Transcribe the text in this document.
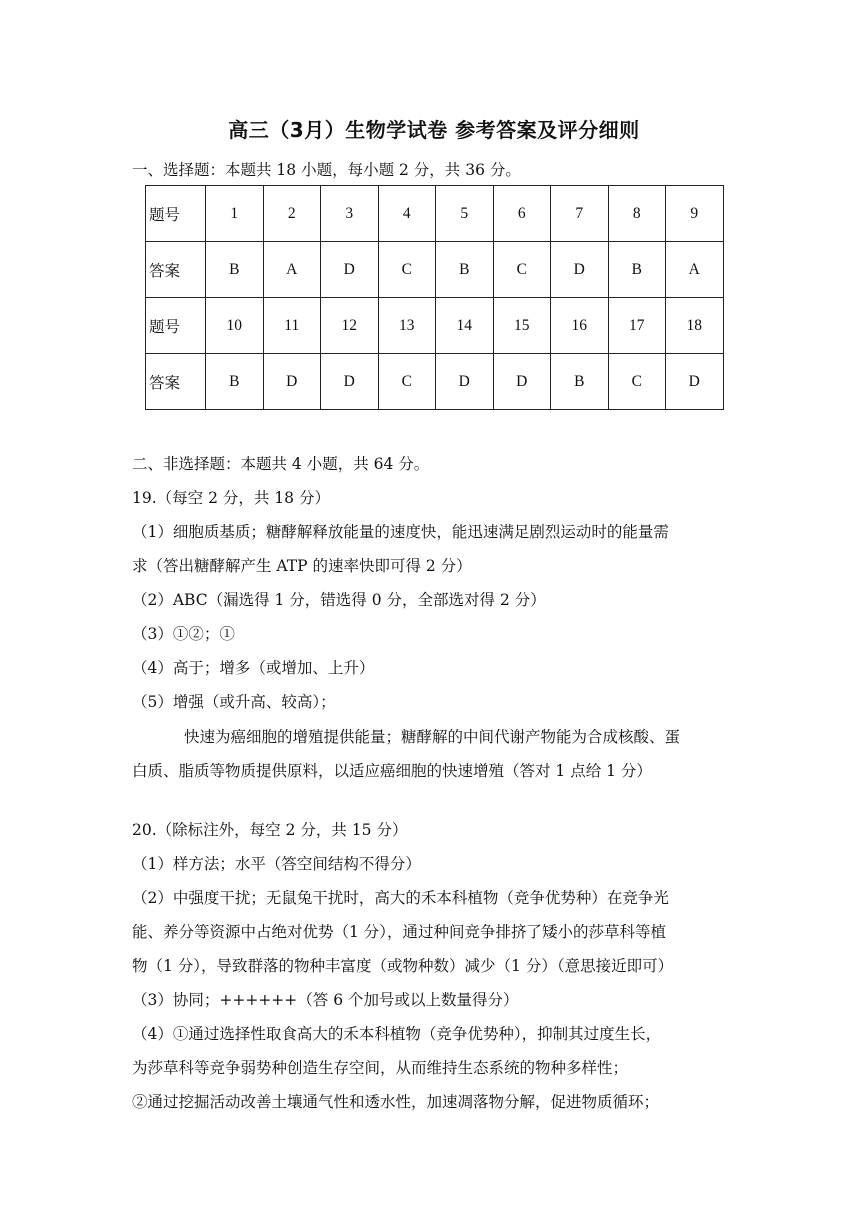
高三（3月）生物学试卷 参考答案及评分细则
一、选择题：本题共 18 小题，每小题 2 分，共 36 分。
题号	1	2	3	4	5	6	7	8	9
答案	B	A	D	C	B	C	D	B	A
题号	10	11	12	13	14	15	16	17	18
答案	B	D	D	C	D	D	B	C	D
二、非选择题：本题共 4 小题，共 64 分。
19.（每空 2 分，共 18 分）
（1）细胞质基质；糖酵解释放能量的速度快，能迅速满足剧烈运动时的能量需
求（答出糖酵解产生 ATP 的速率快即可得 2 分）
（2）ABC（漏选得 1 分，错选得 0 分，全部选对得 2 分）
（3）①②；①
（4）高于；增多（或增加、上升）
（5）增强（或升高、较高）；
快速为癌细胞的增殖提供能量；糖酵解的中间代谢产物能为合成核酸、蛋
白质、脂质等物质提供原料，以适应癌细胞的快速增殖（答对 1 点给 1 分）
20.（除标注外，每空 2 分，共 15 分）
（1）样方法；水平（答空间结构不得分）
（2）中强度干扰；无鼠兔干扰时，高大的禾本科植物（竞争优势种）在竞争光
能、养分等资源中占绝对优势（1 分），通过种间竞争排挤了矮小的莎草科等植
物（1 分），导致群落的物种丰富度（或物种数）减少（1 分）（意思接近即可）
（3）协同；++++++（答 6 个加号或以上数量得分）
（4）①通过选择性取食高大的禾本科植物（竞争优势种），抑制其过度生长，
为莎草科等竞争弱势种创造生存空间，从而维持生态系统的物种多样性；
②通过挖掘活动改善土壤通气性和透水性，加速凋落物分解，促进物质循环；
